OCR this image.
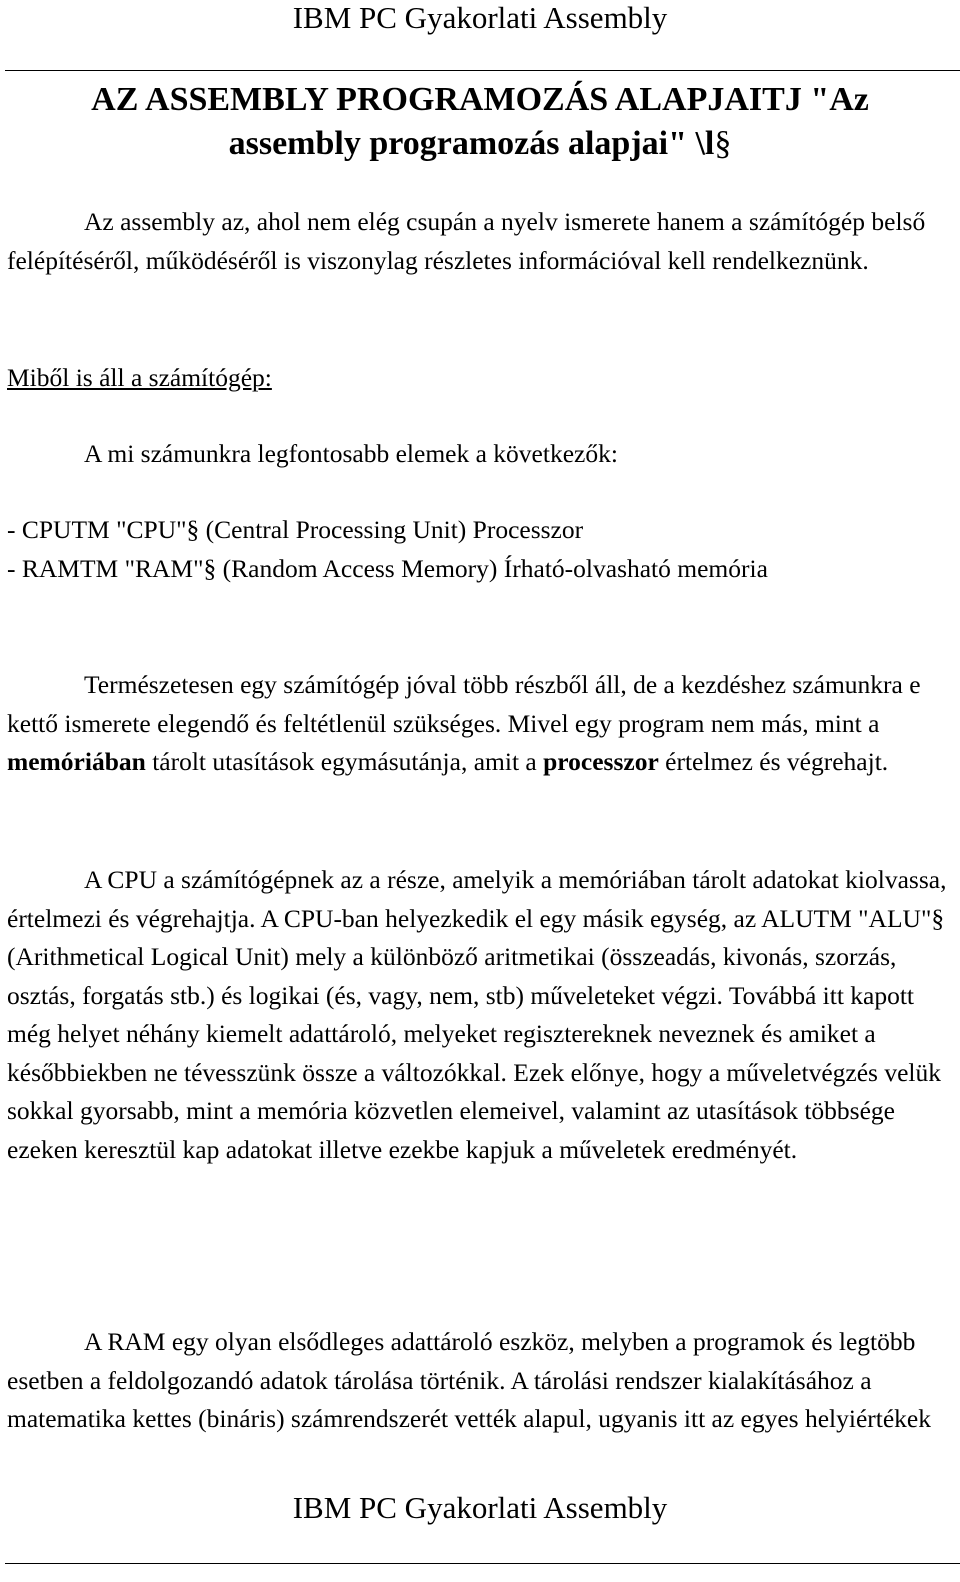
IBM PC Gyakorlati Assembly
AZ ASSEMBLY PROGRAMOZÁS ALAPJAITJ "Az
assembly programozás alapjai" \l§
Az assembly az, ahol nem elég csupán a nyelv ismerete hanem a számítógép belső felépítéséről, működéséről is viszonylag részletes információval kell rendelkeznünk.
Miből is áll a számítógép:
A mi számunkra legfontosabb elemek a következők:
- CPUTM "CPU"§ (Central Processing Unit) Processzor
- RAMTM "RAM"§ (Random Access Memory) Írható-olvasható memória
Természetesen egy számítógép jóval több részből áll, de a kezdéshez számunkra e kettő ismerete elegendő és feltétlenül szükséges. Mivel egy program nem más, mint a memóriában tárolt utasítások egymásutánja, amit a processzor értelmez és végrehajt.
A CPU a számítógépnek az a része, amelyik a memóriában tárolt adatokat kiolvassa, értelmezi és végrehajtja. A CPU-ban helyezkedik el egy másik egység, az ALUTM "ALU"§ (Arithmetical Logical Unit) mely a különböző aritmetikai (összeadás, kivonás, szorzás, osztás, forgatás stb.) és logikai (és, vagy, nem, stb) műveleteket végzi. Továbbá itt kapott még helyet néhány kiemelt adattároló, melyeket regisztereknek neveznek és amiket a későbbiekben ne tévesszünk össze a változókkal. Ezek előnye, hogy a műveletvégzés velük sokkal gyorsabb, mint a memória közvetlen elemeivel, valamint az utasítások többsége ezeken keresztül kap adatokat illetve ezekbe kapjuk a műveletek eredményét.
A RAM egy olyan elsődleges adattároló eszköz, melyben a programok és legtöbb esetben a feldolgozandó adatok tárolása történik. A tárolási rendszer kialakításához a matematika kettes (bináris) számrendszerét vették alapul, ugyanis itt az egyes helyiértékek
IBM PC Gyakorlati Assembly
